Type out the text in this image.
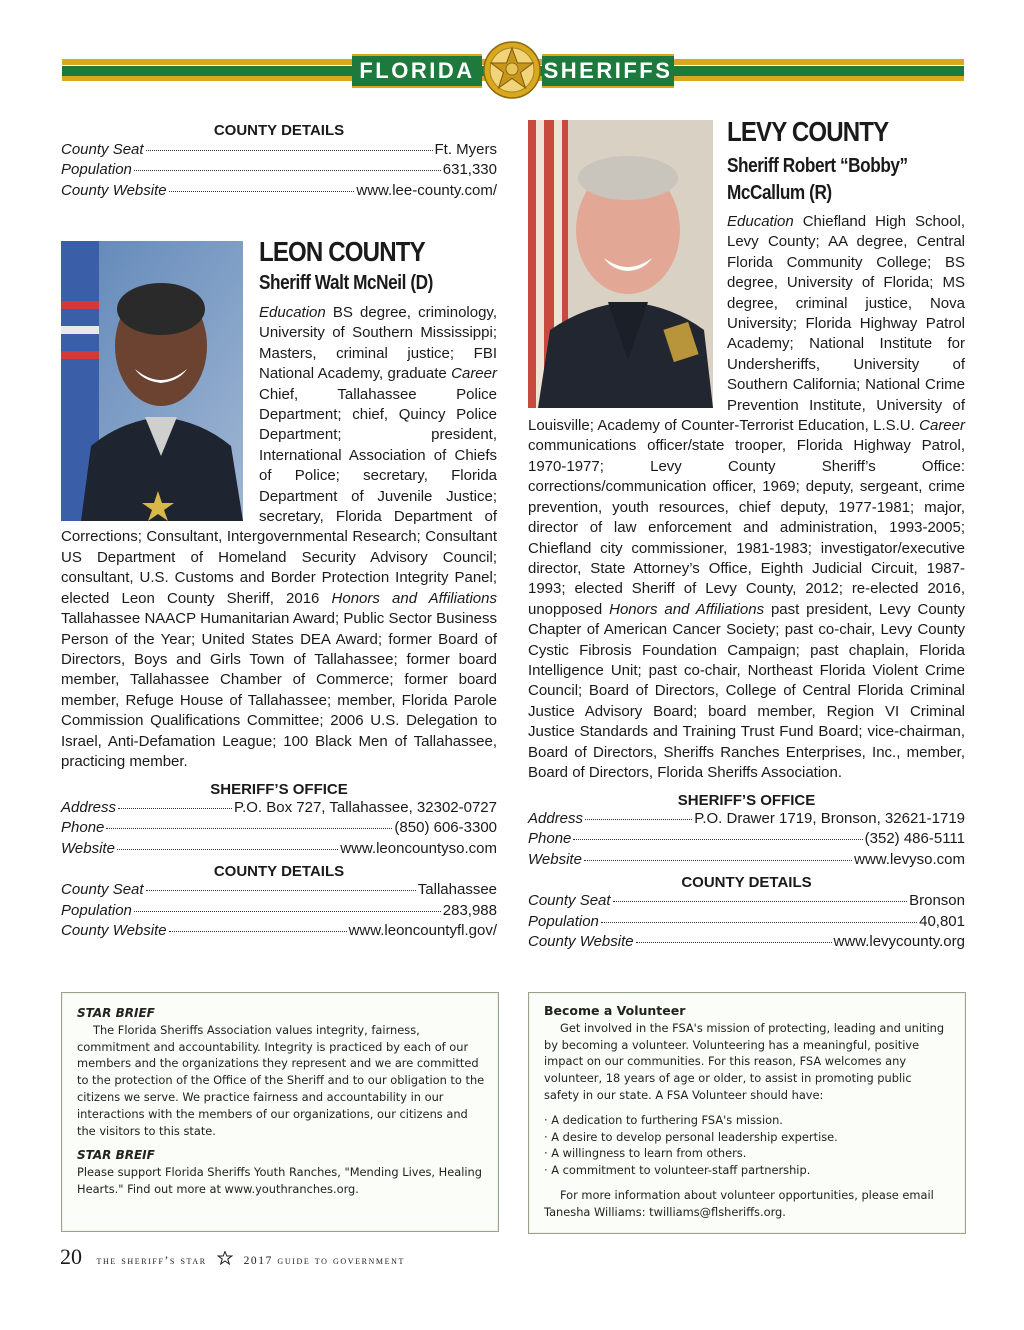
FLORIDA	SHERIFFS
COUNTY DETAILS
County Seat	Ft. Myers
Population	631,330
County Website	www.lee-county.com/
LEON COUNTY
Sheriff Walt McNeil (D)
Education BS degree, criminology, University of Southern Mississippi; Masters, criminal justice; FBI National Academy, graduate Career Chief, Tallahassee Police Department; chief, Quincy Police Department; president, International Association of Chiefs of Police; secretary, Florida Department of Juvenile Justice; secretary, Florida Department of Corrections; Consultant, Intergovernmental Research; Consultant US Department of Homeland Security Advisory Council; consultant, U.S. Customs and Border Protection Integrity Panel; elected Leon County Sheriff, 2016 Honors and Affiliations Tallahassee NAACP Humanitarian Award; Public Sector Business Person of the Year; United States DEA Award; former Board of Directors, Boys and Girls Town of Tallahassee; former board member, Tallahassee Chamber of Commerce; former board member, Refuge House of Tallahassee; member, Florida Parole Commission Qualifications Committee; 2006 U.S. Delegation to Israel, Anti-Defamation League; 100 Black Men of Tallahassee, practicing member.
SHERIFF’S OFFICE
Address	P.O. Box 727, Tallahassee, 32302-0727
Phone	(850) 606-3300
Website	www.leoncountyso.com
COUNTY DETAILS
County Seat	Tallahassee
Population	283,988
County Website	www.leoncountyfl.gov/
LEVY COUNTY
Sheriff Robert “Bobby”
McCallum (R)
Education Chiefland High School, Levy County; AA degree, Central Florida Community College; BS degree, University of Florida; MS degree, criminal justice, Nova University; Florida Highway Patrol Academy; National Institute for Undersheriffs, University of Southern California; National Crime Prevention Institute, University of Louisville; Academy of Counter-Terrorist Education, L.S.U. Career communications officer/state trooper, Florida Highway Patrol, 1970-1977; Levy County Sheriff’s Office: corrections/communication officer, 1969; deputy, sergeant, crime prevention, youth resources, chief deputy, 1977-1981; major, director of law enforcement and administration, 1993-2005; Chiefland city commissioner, 1981-1983; investigator/executive director, State Attorney’s Office, Eighth Judicial Circuit, 1987-1993; elected Sheriff of Levy County, 2012; re-elected 2016, unopposed Honors and Affiliations past president, Levy County Chapter of American Cancer Society; past co-chair, Levy County Cystic Fibrosis Foundation Campaign; past chaplain, Florida Intelligence Unit; past co-chair, Northeast Florida Violent Crime Council; Board of Directors, College of Central Florida Criminal Justice Advisory Board; board member, Region VI Criminal Justice Standards and Training Trust Fund Board; vice-chairman, Board of Directors, Sheriffs Ranches Enterprises, Inc., member, Board of Directors, Florida Sheriffs Association.
SHERIFF’S OFFICE
Address	P.O. Drawer 1719, Bronson, 32621-1719
Phone	(352) 486-5111
Website	www.levyso.com
COUNTY DETAILS
County Seat	Bronson
Population	40,801
County Website	www.levycounty.org
STAR BRIEF
The Florida Sheriffs Association values integrity, fairness, commitment and accountability. Integrity is practiced by each of our members and the organizations they represent and we are committed to the protection of the Office of the Sheriff and to our obligation to the citizens we serve. We practice fairness and accountability in our interactions with the members of our organizations, our citizens and the visitors to this state.
STAR BREIF
Please support Florida Sheriffs Youth Ranches, "Mending Lives, Healing Hearts." Find out more at www.youthranches.org.
Become a Volunteer
Get involved in the FSA's mission of protecting, leading and uniting by becoming a volunteer. Volunteering has a meaningful, positive impact on our communities. For this reason, FSA welcomes any volunteer, 18 years of age or older, to assist in promoting public safety in our state. A FSA Volunteer should have:
· A dedication to furthering FSA's mission.
· A desire to develop personal leadership expertise.
· A willingness to learn from others.
· A commitment to volunteer-staff partnership.
For more information about volunteer opportunities, please email Tanesha Williams: twilliams@flsheriffs.org.
20 the sheriff’s star	2017 guide to government
